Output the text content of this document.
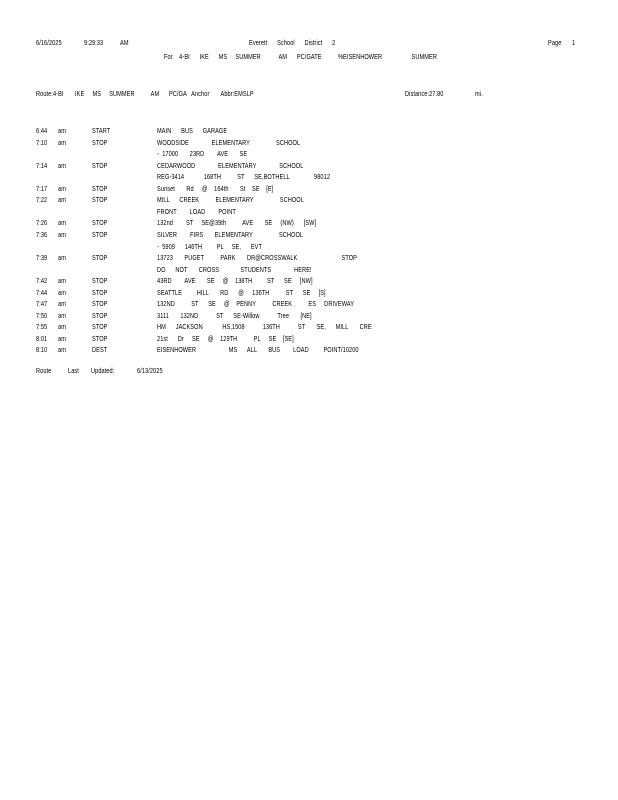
6/16/2025	9:29:33 AM	Everett      School      District      2	Page 1
For    4-BI      IKE      MS     SUMMER           AM      PC/GATE          %EISENHOWER                  SUMMER
Route:4-BI       IKE     MS     SUMMER          AM      PC/GA   Anchor       Abbr:EMSLP	Distance:27.80	mi.
6:44 am	START	MAIN      BUS      GARAGE
7:10 am	STOP	WOODSIDE              ELEMENTARY                SCHOOL
-  17000       23RD        AVE       SE
7:14 am	STOP	CEDARWOOD              ELEMENTARY              SCHOOL
REG-3414            168TH          ST      SE,BOTHELL               98012
7:17 am	STOP	Sunset       Rd     @    164th       St    SE    [E]
7:22 am	STOP	MILL      CREEK          ELEMENTARY                SCHOOL
FRONT        LOAD        POINT
7:26 am	STOP	132nd        ST     SE@39th          AVE       SE     (NW)      [SW]
7:36 am	STOP	SILVER        FIRS       ELEMENTARY                SCHOOL
-  5909      146TH         PL     SE,      EVT
7:39 am	STOP	13723       PUGET          PARK       DR@CROSSWALK                           STOP
DO      NOT       CROSS             STUDENTS              HERE!
7:42 am	STOP	43RD        AVE       SE     @    138TH         ST      SE     [NW]
7:44 am	STOP	SEATTLE         HILL       RD      @     136TH          ST      SE     [S]
7:47 am	STOP	132ND          ST      SE     @    PENNY          CREEK          ES     DRIVEWAY
7:50 am	STOP	3111       132ND           ST      SE-Willow           Tree       [NE]
7:55 am	STOP	HM      JACKSON            HS,1508           136TH           ST       SE,      MILL       CRE
8:01 am	STOP	21st      Dr     SE     @    129TH          PL     SE    [SE]
8:10 am	DEST	EISENHOWER                    MS      ALL       BUS        LOAD         POINT/10200
Route Last Updated:	6/13/2025
